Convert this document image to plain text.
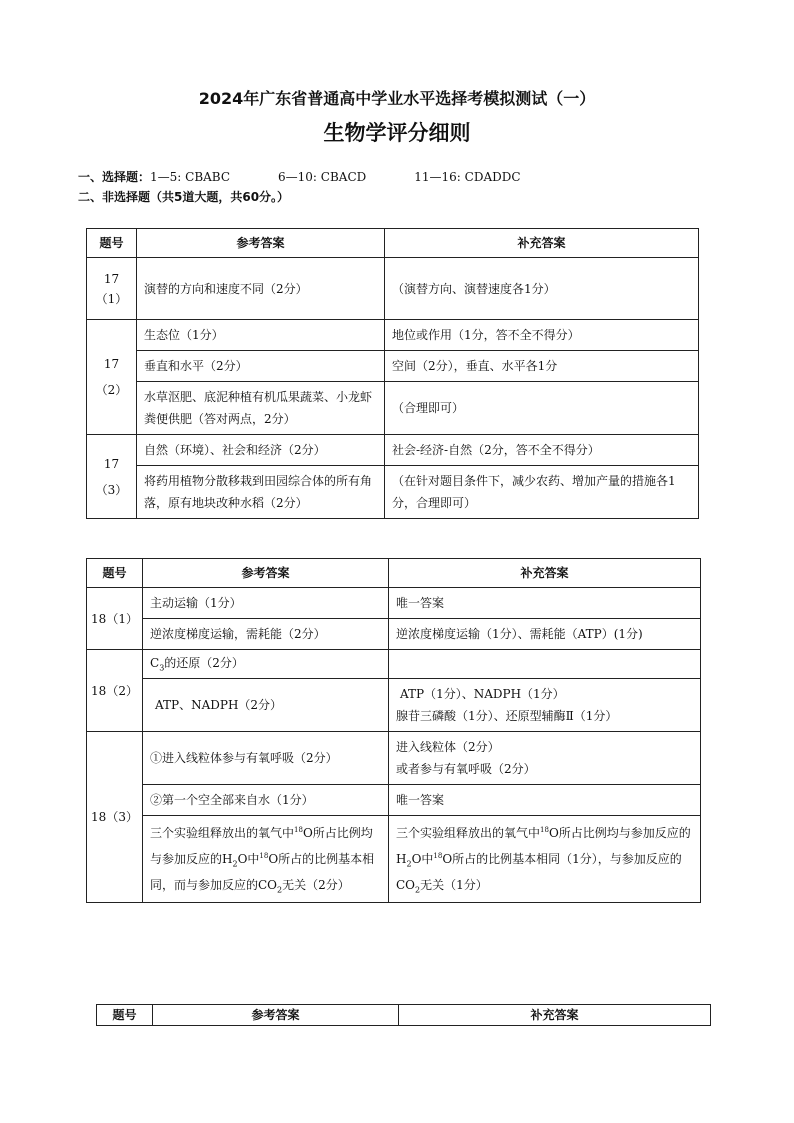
2024年广东省普通高中学业水平选择考模拟测试（一）
生物学评分细则
一、选择题：1—5: CBABC	6—10: CBACD	11—16: CDADDC
二、非选择题（共5道大题，共60分。）
题号	参考答案	补充答案

17
（1）	演替的方向和速度不同（2分）	（演替方向、演替速度各1分）

17
（2）	生态位（1分）	地位或作用（1分，答不全不得分）
	垂直和水平（2分）	空间（2分），垂直、水平各1分
	水草沤肥、底泥种植有机瓜果蔬菜、小龙虾粪便供肥（答对两点，2分）	（合理即可）

17
（3）	自然（环境）、社会和经济（2分）	社会-经济-自然（2分，答不全不得分）
	将药用植物分散移栽到田园综合体的所有角落，原有地块改种水稻（2分）	（在针对题目条件下，减少农药、增加产量的措施各1分，合理即可）
题号	参考答案	补充答案
18（1）	主动运输（1分）	唯一答案
	逆浓度梯度运输，需耗能（2分）	逆浓度梯度运输（1分）、需耗能（ATP）(1分)
18（2）	$C_3$的还原（2分）	
	ATP、NADPH（2分）	ATP（1分）、NADPH（1分）
腺苷三磷酸（1分）、还原型辅酶Ⅱ（1分）

18（3）	①进入线粒体参与有氧呼吸（2分）	进入线粒体（2分）
或者参与有氧呼吸（2分）

	②第一个空全部来自水（1分）	唯一答案
	三个实验组释放出的氧气中$^{18}$O所占比例均与参加反应的$H_2O$中$^{18}$O所占的比例基本相同，而与参加反应的$CO_2$无关（2分）	三个实验组释放出的氧气中$^{18}$O所占比例均与参加反应的$H_2O$中$^{18}$O所占的比例基本相同（1分），与参加反应的$CO_2$无关（1分）
题号	参考答案	补充答案
